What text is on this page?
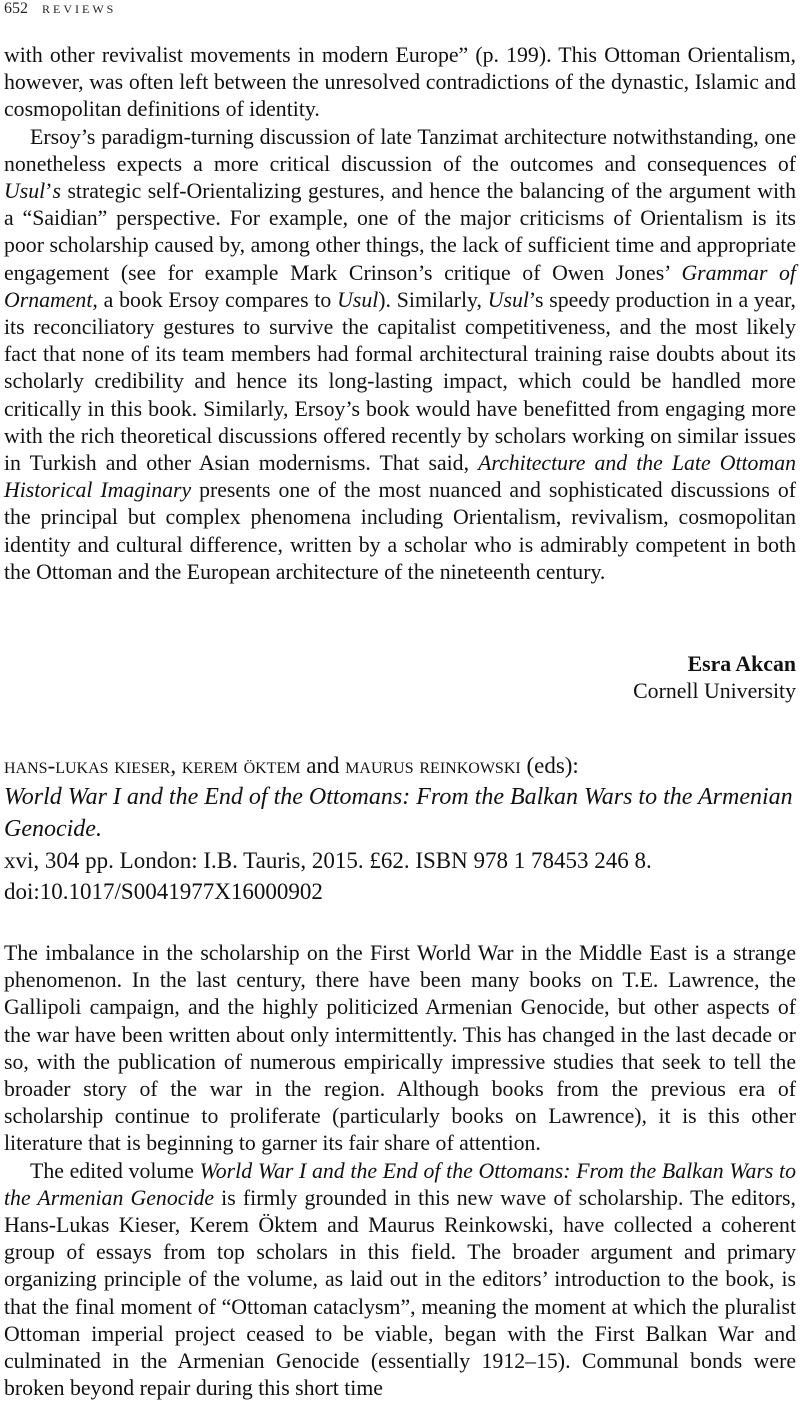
652 REVIEWS

with other revivalist movements in modern Europe” (p. 199). This Ottoman Orientalism, however, was often left between the unresolved contradictions of the dynastic, Islamic and cosmopolitan definitions of identity.

Ersoy’s paradigm-turning discussion of late Tanzimat architecture notwithstanding, one nonetheless expects a more critical discussion of the outcomes and consequences of Usul’s strategic self-Orientalizing gestures, and hence the balancing of the argument with a “Saidian” perspective. For example, one of the major criticisms of Orientalism is its poor scholarship caused by, among other things, the lack of sufficient time and appropriate engagement (see for example Mark Crinson’s critique of Owen Jones’ Grammar of Ornament, a book Ersoy compares to Usul). Similarly, Usul’s speedy production in a year, its reconciliatory gestures to survive the capitalist competitiveness, and the most likely fact that none of its team members had formal architectural training raise doubts about its scholarly credibility and hence its long-lasting impact, which could be handled more critically in this book. Similarly, Ersoy’s book would have benefitted from engaging more with the rich theoretical discussions offered recently by scholars working on similar issues in Turkish and other Asian modernisms. That said, Architecture and the Late Ottoman Historical Imaginary presents one of the most nuanced and sophisticated discussions of the principal but complex phenomena including Orientalism, revivalism, cosmopolitan identity and cultural difference, written by a scholar who is admirably competent in both the Ottoman and the European architecture of the nineteenth century.

Esra Akcan
Cornell University
hans-lukas kieser, kerem öktem and maurus reinkowski (eds):
World War I and the End of the Ottomans: From the Balkan Wars to the Armenian Genocide.
xvi, 304 pp. London: I.B. Tauris, 2015. £62. ISBN 978 1 78453 246 8.
doi:10.1017/S0041977X16000902

The imbalance in the scholarship on the First World War in the Middle East is a strange phenomenon. In the last century, there have been many books on T.E. Lawrence, the Gallipoli campaign, and the highly politicized Armenian Genocide, but other aspects of the war have been written about only intermittently. This has changed in the last decade or so, with the publication of numerous empirically impressive studies that seek to tell the broader story of the war in the region. Although books from the previous era of scholarship continue to proliferate (particularly books on Lawrence), it is this other literature that is beginning to garner its fair share of attention.

The edited volume World War I and the End of the Ottomans: From the Balkan Wars to the Armenian Genocide is firmly grounded in this new wave of scholarship. The editors, Hans-Lukas Kieser, Kerem Öktem and Maurus Reinkowski, have collected a coherent group of essays from top scholars in this field. The broader argument and primary organizing principle of the volume, as laid out in the editors’ introduction to the book, is that the final moment of “Ottoman cataclysm”, meaning the moment at which the pluralist Ottoman imperial project ceased to be viable, began with the First Balkan War and culminated in the Armenian Genocide (essentially 1912–15). Communal bonds were broken beyond repair during this short time
